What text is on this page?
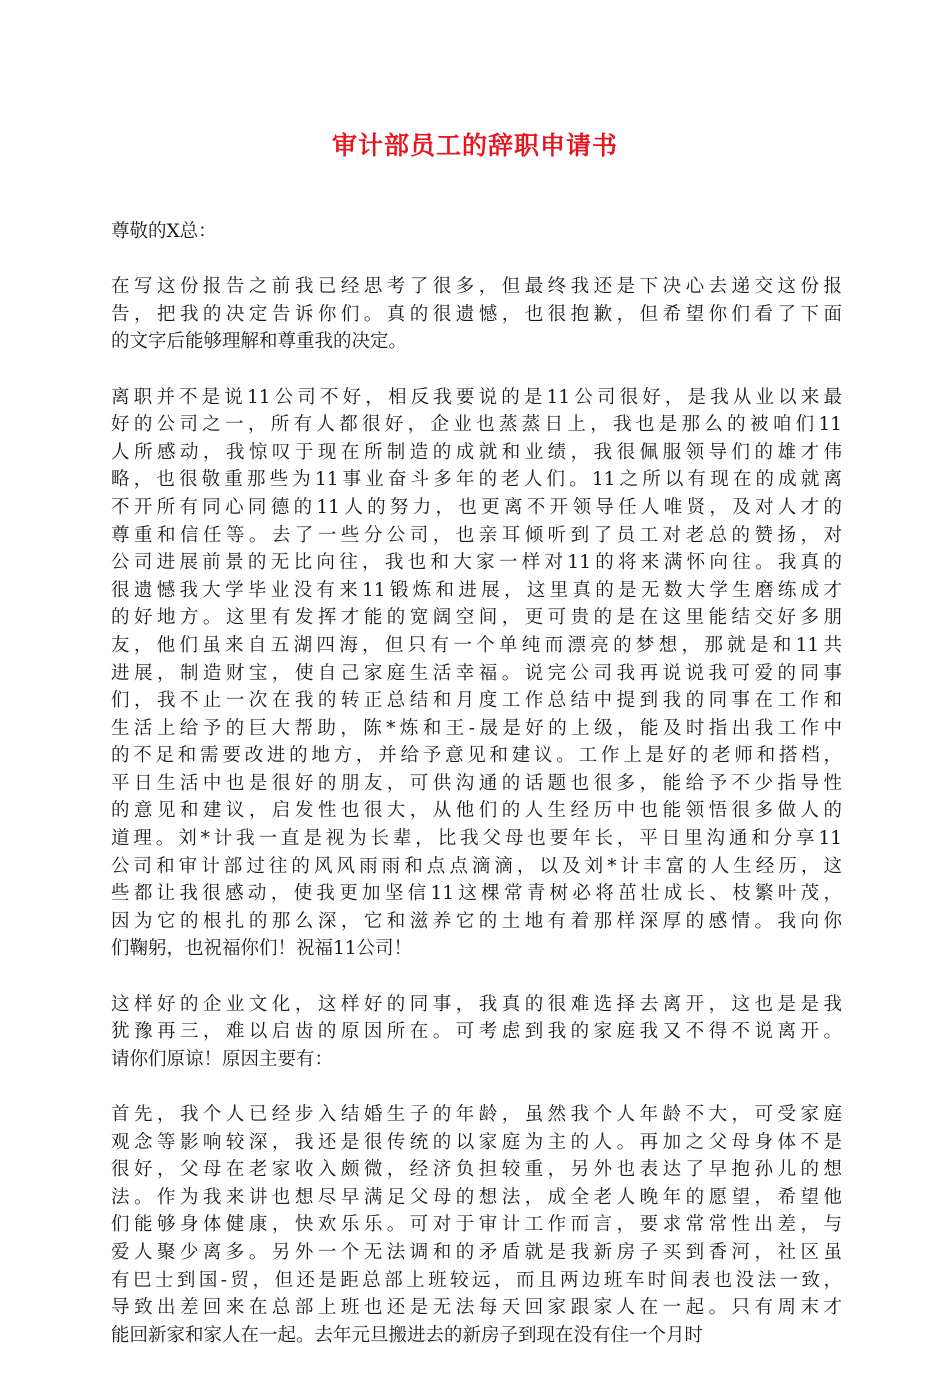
审计部员工的辞职申请书
尊敬的X总：
在写这份报告之前我已经思考了很多，但最终我还是下决心去递交这份报
告，把我的决定告诉你们。真的很遗憾，也很抱歉，但希望你们看了下面
的文字后能够理解和尊重我的决定。
离职并不是说11公司不好，相反我要说的是11公司很好，是我从业以来最
好的公司之一，所有人都很好，企业也蒸蒸日上，我也是那么的被咱们11
人所感动，我惊叹于现在所制造的成就和业绩，我很佩服领导们的雄才伟
略，也很敬重那些为11事业奋斗多年的老人们。11之所以有现在的成就离
不开所有同心同德的11人的努力，也更离不开领导任人唯贤，及对人才的
尊重和信任等。去了一些分公司，也亲耳倾听到了员工对老总的赞扬，对
公司进展前景的无比向往，我也和大家一样对11的将来满怀向往。我真的
很遗憾我大学毕业没有来11锻炼和进展，这里真的是无数大学生磨练成才
的好地方。这里有发挥才能的宽阔空间，更可贵的是在这里能结交好多朋
友，他们虽来自五湖四海，但只有一个单纯而漂亮的梦想，那就是和11共
进展，制造财宝，使自己家庭生活幸福。说完公司我再说说我可爱的同事
们，我不止一次在我的转正总结和月度工作总结中提到我的同事在工作和
生活上给予的巨大帮助，陈*炼和王-晟是好的上级，能及时指出我工作中
的不足和需要改进的地方，并给予意见和建议。工作上是好的老师和搭档，
平日生活中也是很好的朋友，可供沟通的话题也很多，能给予不少指导性
的意见和建议，启发性也很大，从他们的人生经历中也能领悟很多做人的
道理。刘*计我一直是视为长辈，比我父母也要年长，平日里沟通和分享11
公司和审计部过往的风风雨雨和点点滴滴，以及刘*计丰富的人生经历，这
些都让我很感动，使我更加坚信11这棵常青树必将茁壮成长、枝繁叶茂，
因为它的根扎的那么深，它和滋养它的土地有着那样深厚的感情。我向你
们鞠躬，也祝福你们！祝福11公司！
这样好的企业文化，这样好的同事，我真的很难选择去离开，这也是是我
犹豫再三，难以启齿的原因所在。可考虑到我的家庭我又不得不说离开。
请你们原谅！原因主要有：
首先，我个人已经步入结婚生子的年龄，虽然我个人年龄不大，可受家庭
观念等影响较深，我还是很传统的以家庭为主的人。再加之父母身体不是
很好，父母在老家收入颇微，经济负担较重，另外也表达了早抱孙儿的想
法。作为我来讲也想尽早满足父母的想法，成全老人晚年的愿望，希望他
们能够身体健康，快欢乐乐。可对于审计工作而言，要求常常性出差，与
爱人聚少离多。另外一个无法调和的矛盾就是我新房子买到香河，社区虽
有巴士到国-贸，但还是距总部上班较远，而且两边班车时间表也没法一致，
导致出差回来在总部上班也还是无法每天回家跟家人在一起。只有周末才
能回新家和家人在一起。去年元旦搬进去的新房子到现在没有住一个月时
